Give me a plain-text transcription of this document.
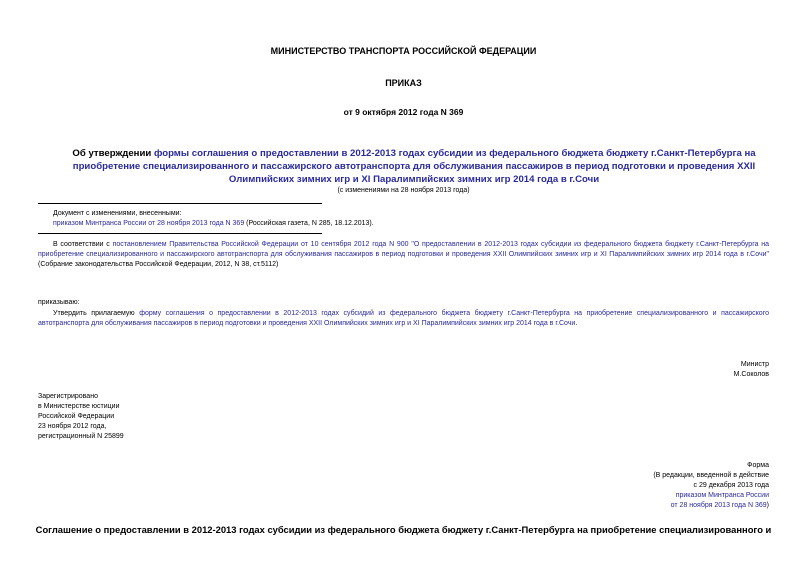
МИНИСТЕРСТВО ТРАНСПОРТА РОССИЙСКОЙ ФЕДЕРАЦИИ
ПРИКАЗ
от 9 октября 2012 года N 369
Об утверждении формы соглашения о предоставлении в 2012-2013 годах субсидии из федерального бюджета бюджету г.Санкт-Петербурга на приобретение специализированного и пассажирского автотранспорта для обслуживания пассажиров в период подготовки и проведения XXII Олимпийских зимних игр и XI Паралимпийских зимних игр 2014 года в г.Сочи
(с изменениями на 28 ноября 2013 года)
Документ с изменениями, внесенными:
приказом Минтранса России от 28 ноября 2013 года N 369 (Российская газета, N 285, 18.12.2013).
В соответствии с постановлением Правительства Российской Федерации от 10 сентября 2012 года N 900 "О предоставлении в 2012-2013 годах субсидии из федерального бюджета бюджету г.Санкт-Петербурга на приобретение специализированного и пассажирского автотранспорта для обслуживания пассажиров в период подготовки и проведения XXII Олимпийских зимних игр и XI Паралимпийских зимних игр 2014 года в г.Сочи" (Собрание законодательства Российской Федерации, 2012, N 38, ст.5112)
приказываю:
Утвердить прилагаемую форму соглашения о предоставлении в 2012-2013 годах субсидий из федерального бюджета бюджету г.Санкт-Петербурга на приобретение специализированного и пассажирского автотранспорта для обслуживания пассажиров в период подготовки и проведения XXII Олимпийских зимних игр и XI Паралимпийских зимних игр 2014 года в г.Сочи.
Министр
М.Соколов
Зарегистрировано
в Министерстве юстиции
Российской Федерации
23 ноября 2012 года,
регистрационный N 25899
Форма
(В редакции, введенной в действие
с 29 декабря 2013 года
приказом Минтранса России
от 28 ноября 2013 года N 369)
Соглашение о предоставлении в 2012-2013 годах субсидии из федерального бюджета бюджету г.Санкт-Петербурга на приобретение специализированного и
